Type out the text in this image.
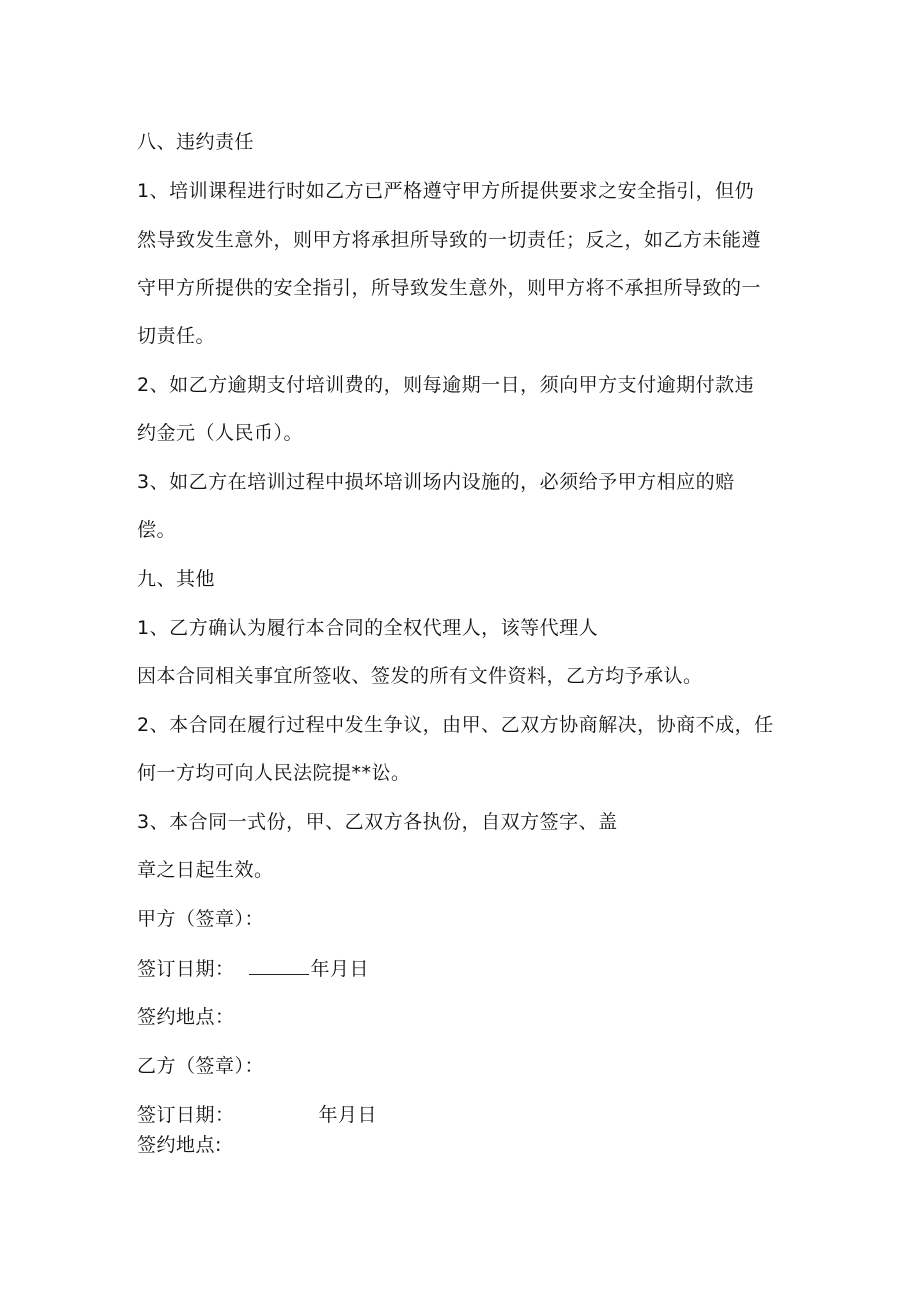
八、违约责任
1、培训课程进行时如乙方已严格遵守甲方所提供要求之安全指引，但仍
然导致发生意外，则甲方将承担所导致的一切责任；反之，如乙方未能遵
守甲方所提供的安全指引，所导致发生意外，则甲方将不承担所导致的一
切责任。
2、如乙方逾期支付培训费的，则每逾期一日，须向甲方支付逾期付款违
约金元（人民币）。
3、如乙方在培训过程中损坏培训场内设施的，必须给予甲方相应的赔
偿。
九、其他
1、乙方确认为履行本合同的全权代理人，该等代理人
因本合同相关事宜所签收、签发的所有文件资料，乙方均予承认。
2、本合同在履行过程中发生争议，由甲、乙双方协商解决，协商不成，任
何一方均可向人民法院提**讼。
3、本合同一式份，甲、乙双方各执份，自双方签字、盖
章之日起生效。
甲方（签章）：
签订日期：	年月日
签约地点：
乙方（签章）：
签订日期：	年月日
签约地点:
